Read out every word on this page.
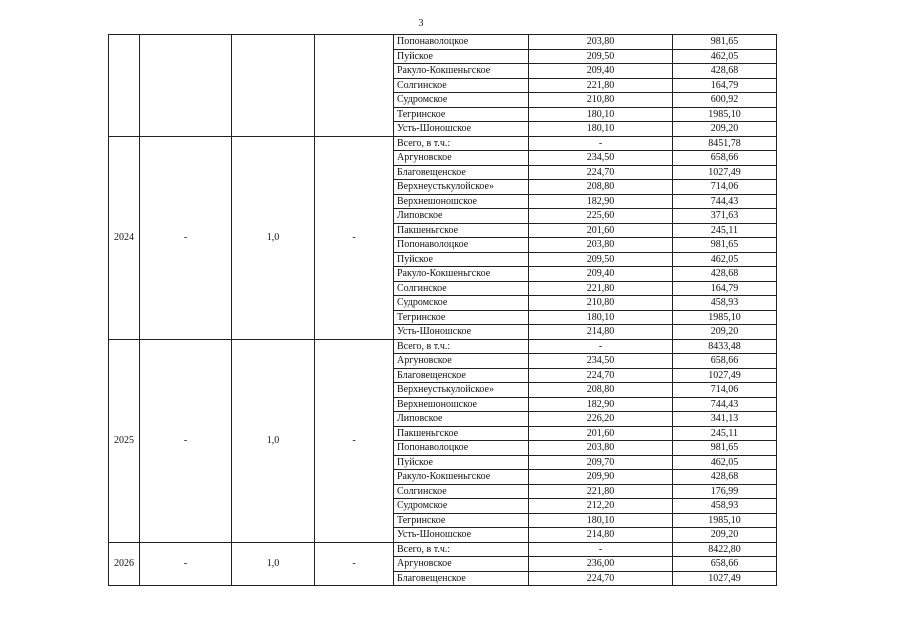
3
				Попонаволоцкое	203,80	981,65
				Пуйское	209,50	462,05
				Ракуло-Кокшеньгское	209,40	428,68
				Солгинское	221,80	164,79
				Судромское	210,80	600,92
				Тегринское	180,10	1985,10
				Усть-Шоношское	180,10	209,20
2024	-	1,0	-	Всего, в т.ч.:	-	8451,78
				Аргуновское	234,50	658,66
				Благовещенское	224,70	1027,49
				Верхнеустькулойское»	208,80	714,06
				Верхнешоношское	182,90	744,43
				Липовское	225,60	371,63
				Пакшеньгское	201,60	245,11
				Попонаволоцкое	203,80	981,65
				Пуйское	209,50	462,05
				Ракуло-Кокшеньгское	209,40	428,68
				Солгинское	221,80	164,79
				Судромское	210,80	458,93
				Тегринское	180,10	1985,10
				Усть-Шоношское	214,80	209,20
2025	-	1,0	-	Всего, в т.ч.:	-	8433,48
				Аргуновское	234,50	658,66
				Благовещенское	224,70	1027,49
				Верхнеустькулойское»	208,80	714,06
				Верхнешоношское	182,90	744,43
				Липовское	226,20	341,13
				Пакшеньгское	201,60	245,11
				Попонаволоцкое	203,80	981,65
				Пуйское	209,70	462,05
				Ракуло-Кокшеньгское	209,90	428,68
				Солгинское	221,80	176,99
				Судромское	212,20	458,93
				Тегринское	180,10	1985,10
				Усть-Шоношское	214,80	209,20
2026	-	1,0	-	Всего, в т.ч.:	-	8422,80
				Аргуновское	236,00	658,66
				Благовещенское	224,70	1027,49
